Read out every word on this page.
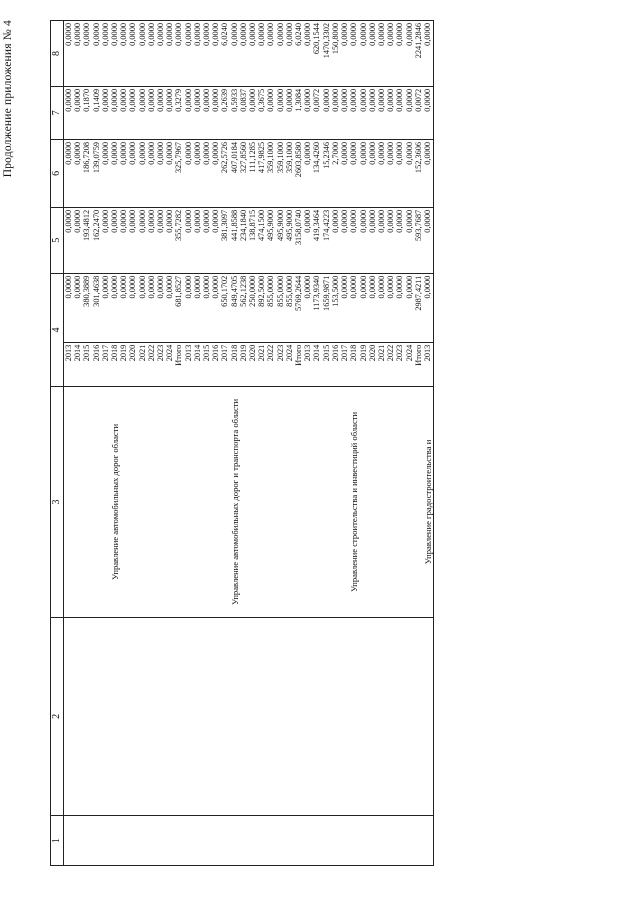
Продолжение приложения № 4
1	2	3	4		5	6	7	8
		Управление автомобильных дорог области	2013	0,0000	0,0000	0,0000	0,0000	0,0000
			2014	0,0000	0,0000	0,0000	0,0000	0,0000
			2015	380,3889	193,4812	186,7208	0,1870	0,0000
			2016	301,4638	162,2470	139,0759	0,1409	0,0000
			2017	0,0000	0,0000	0,0000	0,0000	0,0000
			2018	0,0000	0,0000	0,0000	0,0000	0,0000
			2019	0,0000	0,0000	0,0000	0,0000	0,0000
			2020	0,0000	0,0000	0,0000	0,0000	0,0000
			2021	0,0000	0,0000	0,0000	0,0000	0,0000
			2022	0,0000	0,0000	0,0000	0,0000	0,0000
			2023	0,0000	0,0000	0,0000	0,0000	0,0000
			2024	0,0000	0,0000	0,0000	0,0000	0,0000
			Итого	681,8527	355,7282	325,7967	0,3279	0,0000
		Управление автомобильных дорог и транспорта области	2013	0,0000	0,0000	0,0000	0,0000	0,0000
			2014	0,0000	0,0000	0,0000	0,0000	0,0000
			2015	0,0000	0,0000	0,0000	0,0000	0,0000
			2016	0,0000	0,0000	0,0000	0,0000	0,0000
			2017	650,1702	381,3097	262,5726	0,2639	6,0240
			2018	849,4705	441,8588	407,0184	0,5933	0,0000
			2019	562,1238	234,1840	327,8560	0,0837	0,0000
			2020	250,0000	138,8715	111,1285	0,0000	0,0000
			2021	892,5000	474,1500	417,9825	0,3675	0,0000
			2022	855,0000	495,9000	359,1000	0,0000	0,0000
			2023	855,0000	495,9000	359,1000	0,0000	0,0000
			2024	855,0000	495,9000	359,1000	0,0000	0,0000
			Итого	5769,2644	3158,0740	2603,8580	1,3084	6,0240
		Управление строительства и инвестиций области	2013	0,0000	0,0000	0,0000	0,0000	0,0000
			2014	1173,9340	419,3464	134,4260	0,0072	620,1544
			2015	1659,9871	174,4223	15,2346	0,0000	1470,3302
			2016	153,5000	0,0000	2,7000	0,0000	150,8000
			2017	0,0000	0,0000	0,0000	0,0000	0,0000
			2018	0,0000	0,0000	0,0000	0,0000	0,0000
			2019	0,0000	0,0000	0,0000	0,0000	0,0000
			2020	0,0000	0,0000	0,0000	0,0000	0,0000
			2021	0,0000	0,0000	0,0000	0,0000	0,0000
			2022	0,0000	0,0000	0,0000	0,0000	0,0000
			2023	0,0000	0,0000	0,0000	0,0000	0,0000
			2024	0,0000	0,0000	0,0000	0,0000	0,0000
			Итого	2987,4211	593,7687	152,3606	0,0072	2241,2846
		Управление градостроительства и	2013	0,0000	0,0000	0,0000	0,0000	0,0000
